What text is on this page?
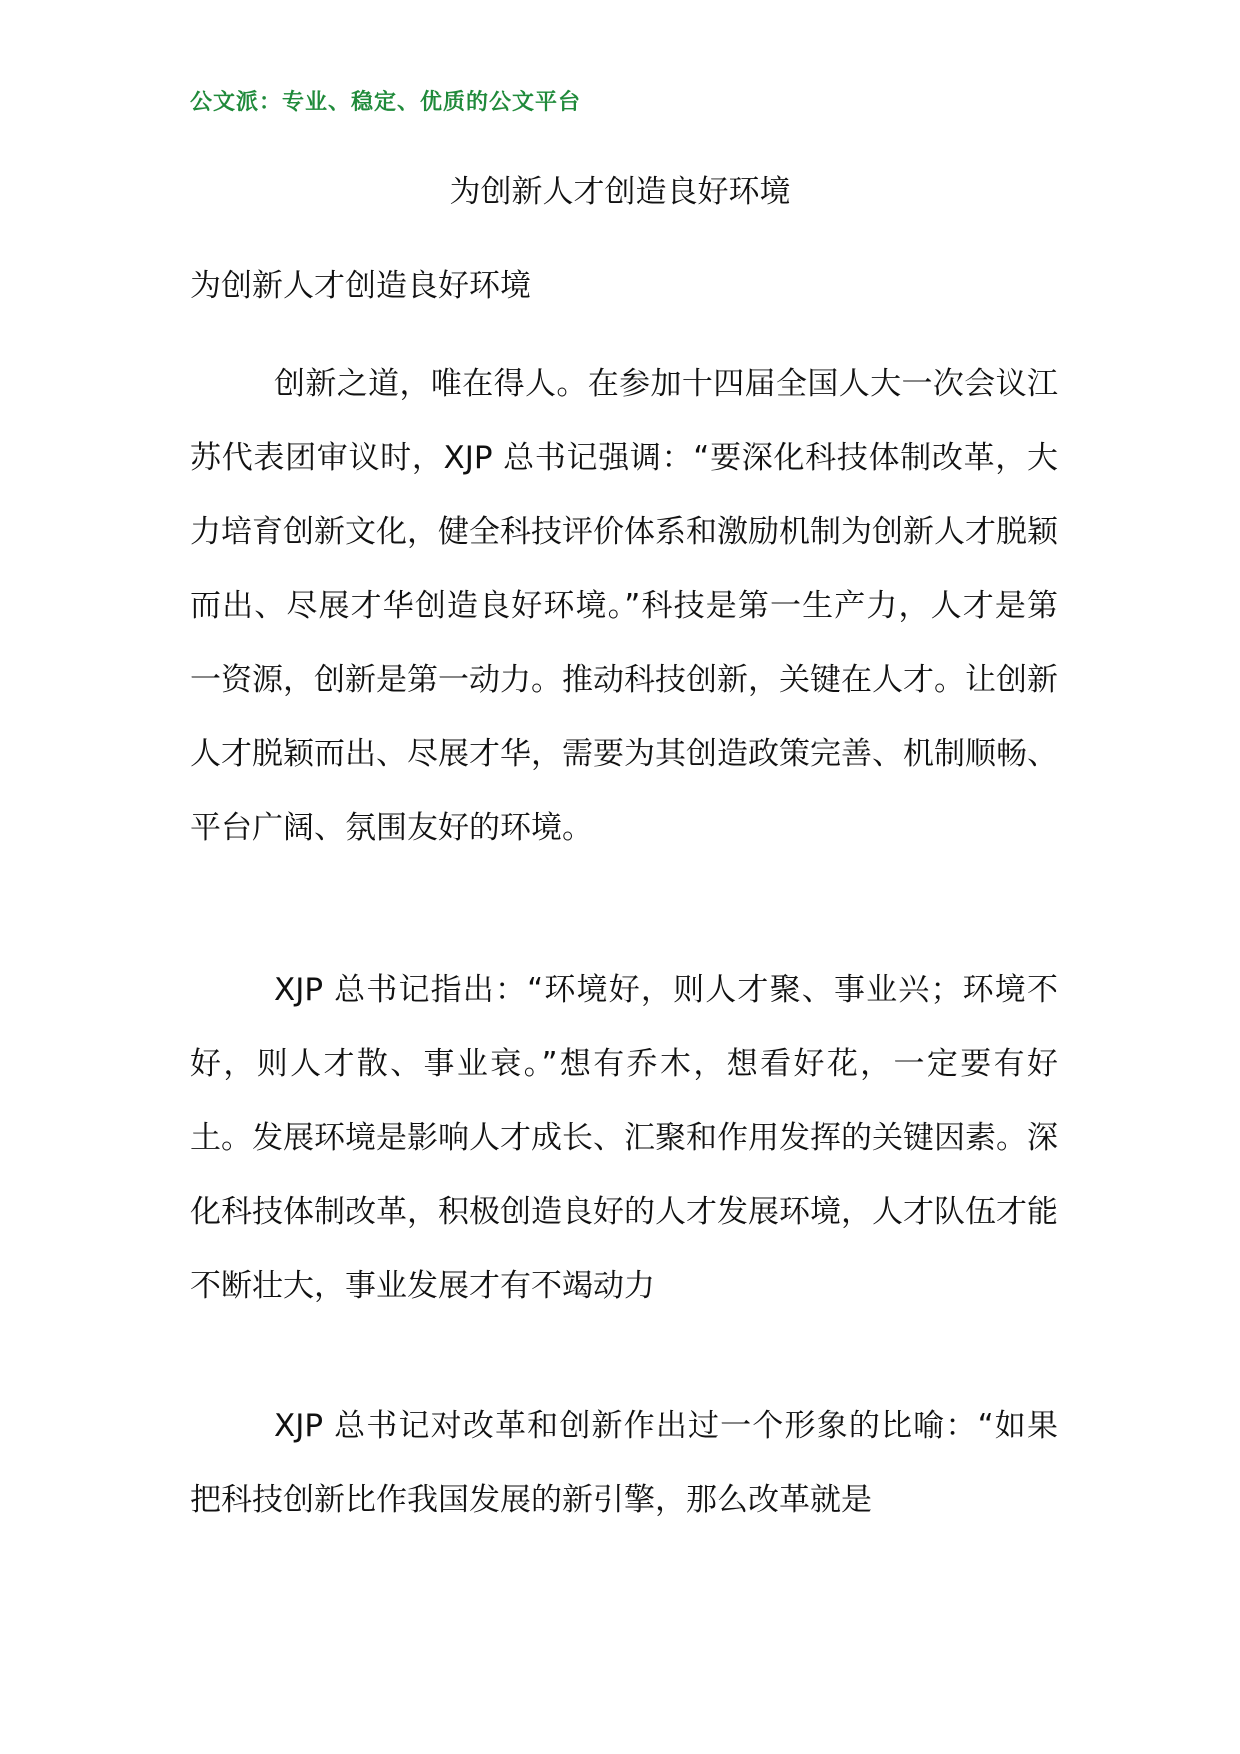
公文派：专业、稳定、优质的公文平台
为创新人才创造良好环境
为创新人才创造良好环境

创新之道，唯在得人。在参加十四届全国人大一次会议江苏代表团审议时，XJP 总书记强调：“要深化科技体制改革，大力培育创新文化，健全科技评价体系和激励机制为创新人才脱颖而出、尽展才华创造良好环境。”科技是第一生产力，人才是第一资源，创新是第一动力。推动科技创新，关键在人才。让创新人才脱颖而出、尽展才华，需要为其创造政策完善、机制顺畅、平台广阔、氛围友好的环境。

XJP 总书记指出：“环境好，则人才聚、事业兴；环境不好，则人才散、事业衰。”想有乔木，想看好花，一定要有好土。发展环境是影响人才成长、汇聚和作用发挥的关键因素。深化科技体制改革，积极创造良好的人才发展环境，人才队伍才能不断壮大，事业发展才有不竭动力

XJP 总书记对改革和创新作出过一个形象的比喻：“如果把科技创新比作我国发展的新引擎，那么改革就是
